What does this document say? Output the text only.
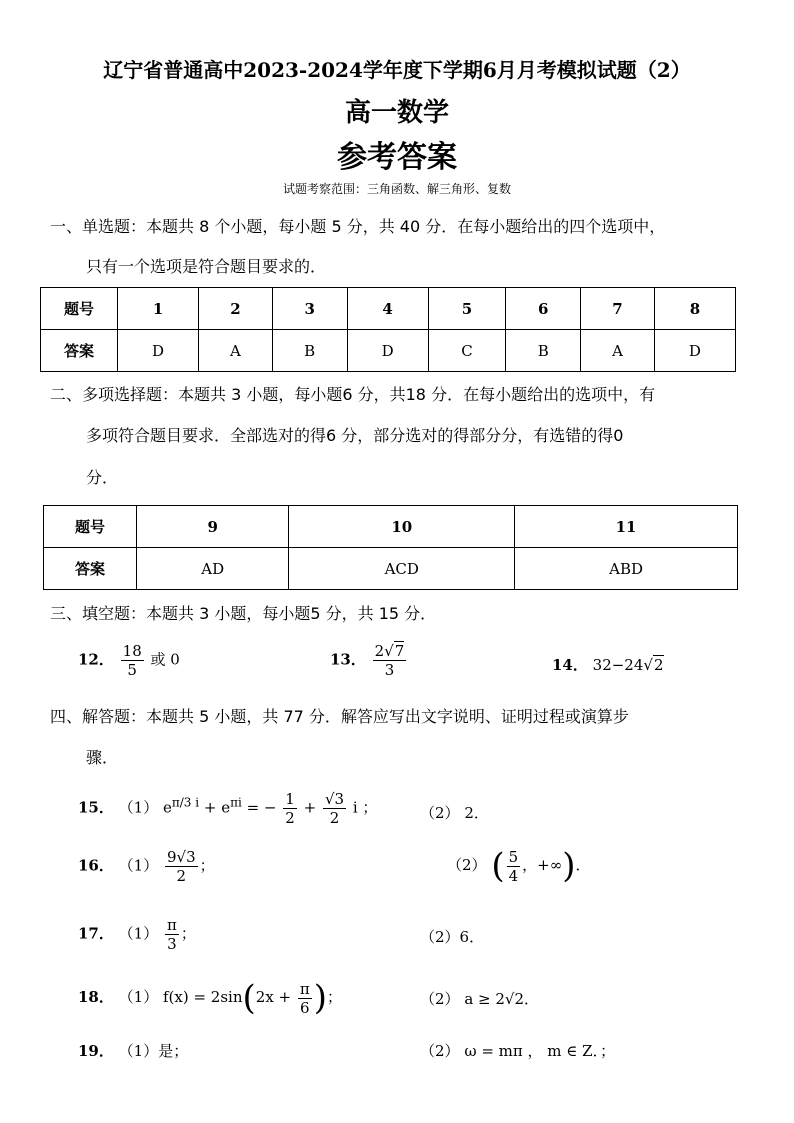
辽宁省普通高中2023-2024学年度下学期6月月考模拟试题（2）
高一数学
参考答案
试题考察范围：三角函数、解三角形、复数
一、单选题：本题共 8 个小题，每小题 5 分，共 40 分．在每小题给出的四个选项中，
只有一个选项是符合题目要求的．
题号	1	2	3	4	5	6	7	8
答案	D	A	B	D	C	B	A	D
二、多项选择题：本题共 3 小题，每小题6 分，共18 分．在每小题给出的选项中，有
多项符合题目要求．全部选对的得6 分，部分选对的得部分分，有选错的得0
分．
题号	9	10	11
答案	AD	ACD	ABD
三、填空题：本题共 3 小题，每小题5 分，共 15 分．
12． $\frac{18}{5}$ 或 0	13． $\frac{2√7}{3}$	14． 32−24√2
四、解答题：本题共 5 小题，共 77 分．解答应写出文字说明、证明过程或演算步
骤．
15． （1） $e^{\pi/3 i} + e^{\pi i}$ = − $\frac{1}{2} + \frac{√3}{2}$ i ；	（2） 2．
16． $(1) \frac{9√3}{2}$ ；	（2） ( $\frac{5}{4}$ ，+∞)．
17． $(1) \frac{\pi}{3}$ ；	（2）6．
18． （1） $f(x) = 2\sin(2x + \frac{\pi}{6}$ )；	（2） a ≥ 2√2．
19． （1）是；	（2） ω = mπ ， m ∈ Z．；
